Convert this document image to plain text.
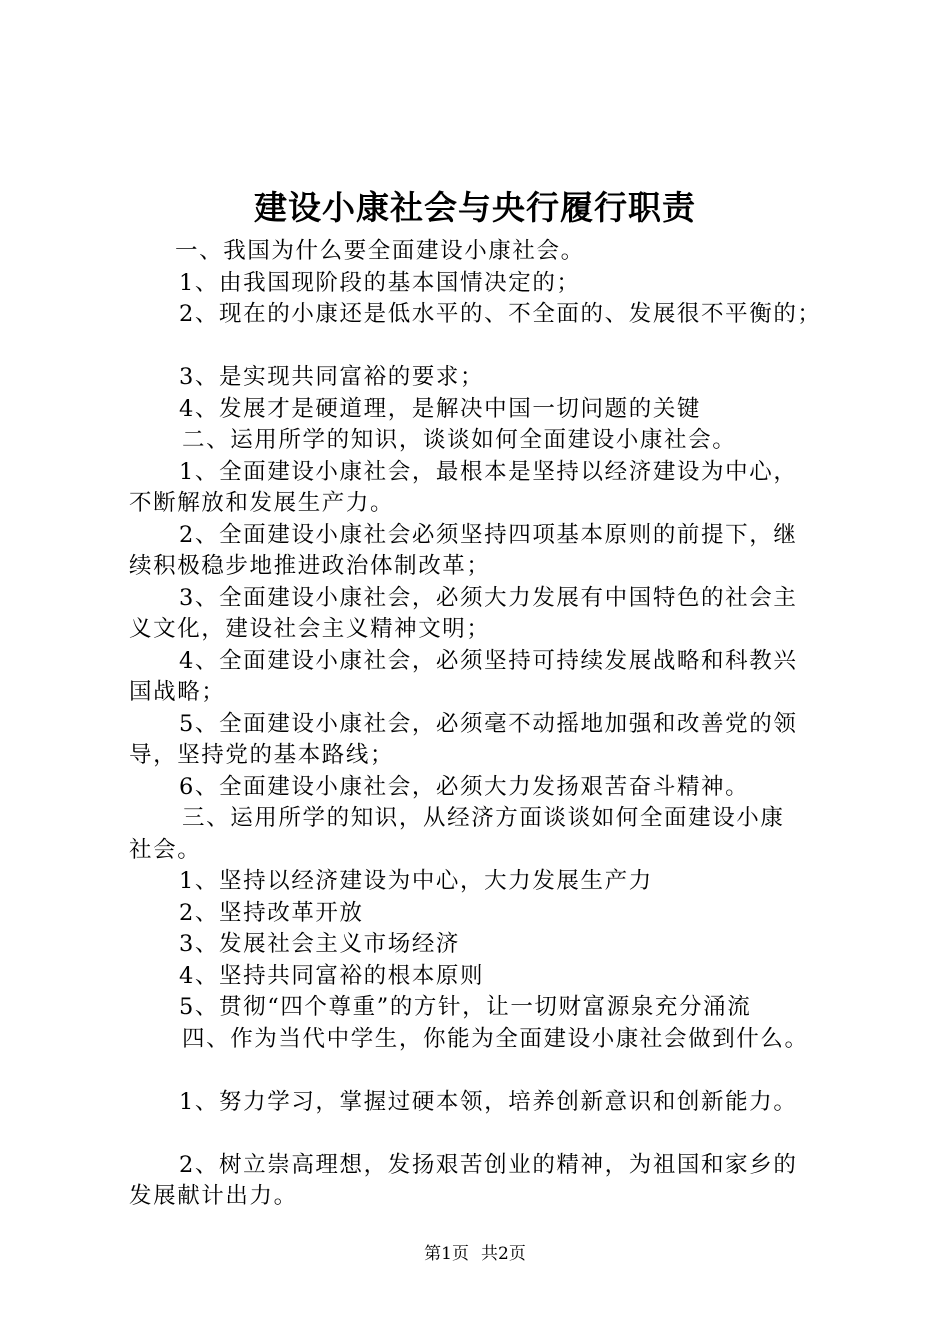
建设小康社会与央行履行职责
一、我国为什么要全面建设小康社会。
1、由我国现阶段的基本国情决定的；
2、现在的小康还是低水平的、不全面的、发展很不平衡的；
3、是实现共同富裕的要求；
4、发展才是硬道理，是解决中国一切问题的关键
二、运用所学的知识，谈谈如何全面建设小康社会。
1、全面建设小康社会，最根本是坚持以经济建设为中心，
不断解放和发展生产力。
2、全面建设小康社会必须坚持四项基本原则的前提下，继
续积极稳步地推进政治体制改革；
3、全面建设小康社会，必须大力发展有中国特色的社会主
义文化，建设社会主义精神文明；
4、全面建设小康社会，必须坚持可持续发展战略和科教兴
国战略；
5、全面建设小康社会，必须毫不动摇地加强和改善党的领
导，坚持党的基本路线；
6、全面建设小康社会，必须大力发扬艰苦奋斗精神。
三、运用所学的知识，从经济方面谈谈如何全面建设小康
社会。
1、坚持以经济建设为中心，大力发展生产力
2、坚持改革开放
3、发展社会主义市场经济
4、坚持共同富裕的根本原则
5、贯彻“四个尊重”的方针，让一切财富源泉充分涌流
四、作为当代中学生，你能为全面建设小康社会做到什么。
1、努力学习，掌握过硬本领，培养创新意识和创新能力。
2、树立崇高理想，发扬艰苦创业的精神，为祖国和家乡的
发展献计出力。
第1页 共2页
